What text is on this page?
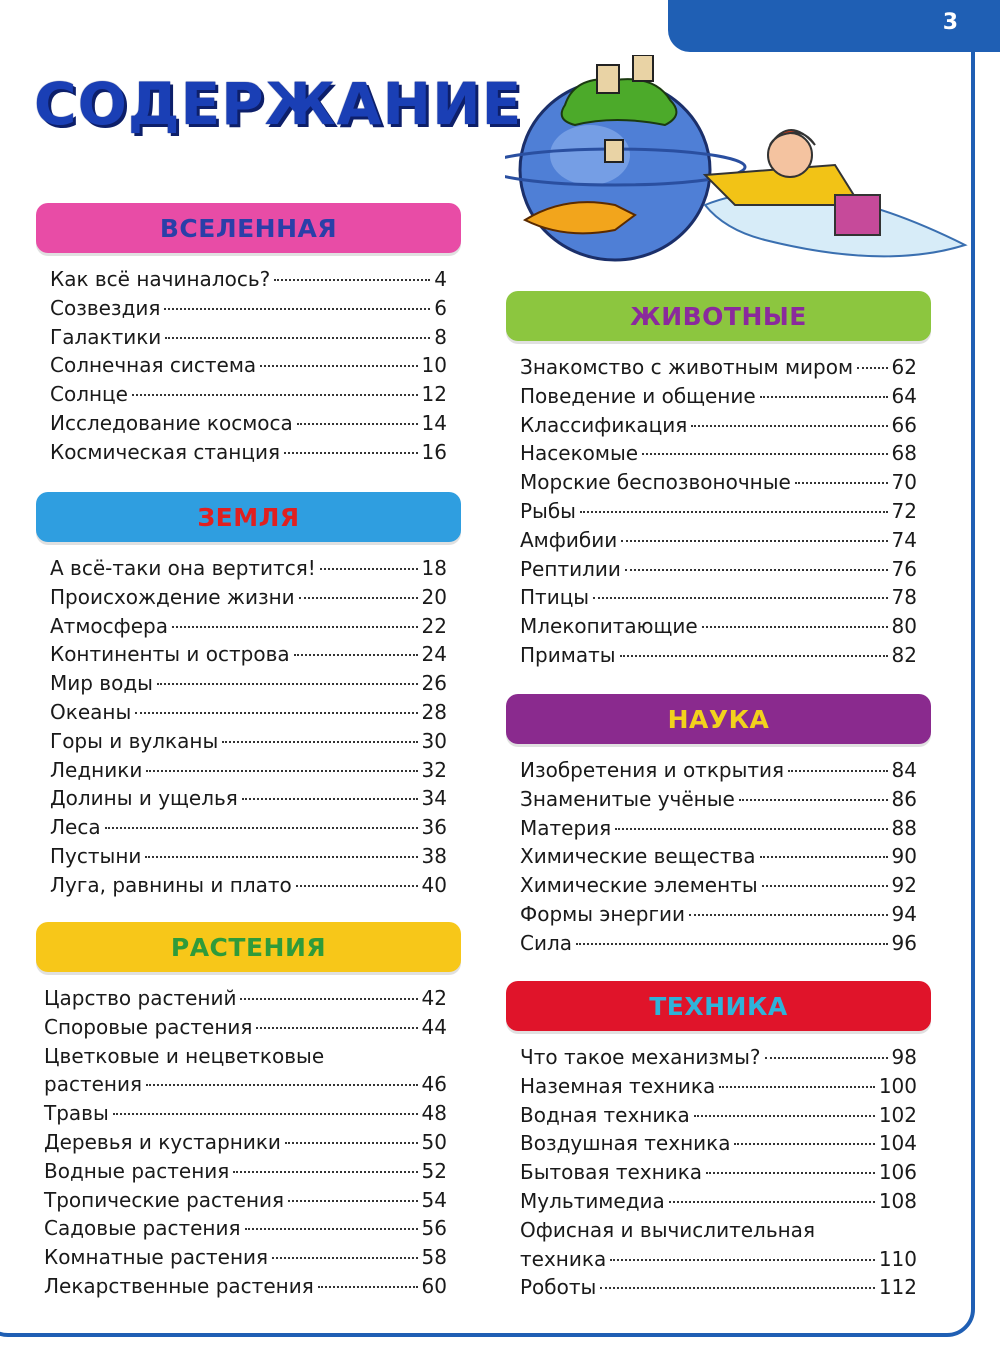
3
СОДЕРЖАНИЕ
ВСЕЛЕННАЯ
Как всё начиналось?	4
Созвездия	6
Галактики	8
Солнечная система	10
Солнце	12
Исследование космоса	14
Космическая станция	16
ЗЕМЛЯ
А всё-таки она вертится!	18
Происхождение жизни	20
Атмосфера	22
Континенты и острова	24
Мир воды	26
Океаны	28
Горы и вулканы	30
Ледники	32
Долины и ущелья	34
Леса	36
Пустыни	38
Луга, равнины и плато	40
РАСТЕНИЯ
Царство растений	42
Споровые растения	44
Цветковые и нецветковые
растения	46
Травы	48
Деревья и кустарники	50
Водные растения	52
Тропические растения	54
Садовые растения	56
Комнатные растения	58
Лекарственные растения	60
ЖИВОТНЫЕ
Знакомство с животным миром 62
Поведение и общение	64
Классификация	66
Насекомые	68
Морские беспозвоночные	70
Рыбы	72
Амфибии	74
Рептилии	76
Птицы	78
Млекопитающие	80
Приматы	82
НАУКА
Изобретения и открытия	84
Знаменитые учёные	86
Материя	88
Химические вещества	90
Химические элементы	92
Формы энергии	94
Сила	96
ТЕХНИКА
Что такое механизмы?	98
Наземная техника	100
Водная техника	102
Воздушная техника	104
Бытовая техника	106
Мультимедиа	108
Офисная и вычислительная
техника	110
Роботы	112
